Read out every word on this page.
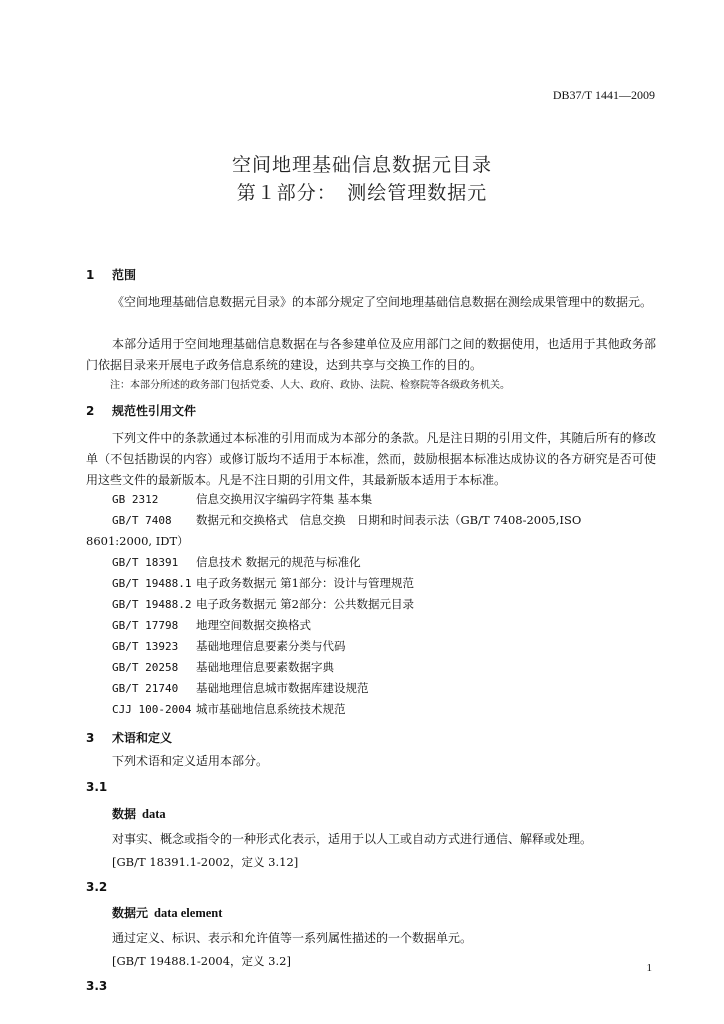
DB37/T 1441—2009
空间地理基础信息数据元目录
第１部分：　测绘管理数据元
1 范围
《空间地理基础信息数据元目录》的本部分规定了空间地理基础信息数据在测绘成果管理中的数据元。
本部分适用于空间地理基础信息数据在与各参建单位及应用部门之间的数据使用，也适用于其他政务部门依据目录来开展电子政务信息系统的建设，达到共享与交换工作的目的。
注：本部分所述的政务部门包括党委、人大、政府、政协、法院、检察院等各级政务机关。
2 规范性引用文件
下列文件中的条款通过本标准的引用而成为本部分的条款。凡是注日期的引用文件，其随后所有的修改单（不包括勘误的内容）或修订版均不适用于本标准，然而，鼓励根据本标准达成协议的各方研究是否可使用这些文件的最新版本。凡是不注日期的引用文件，其最新版本适用于本标准。
GB 2312	信息交换用汉字编码字符集 基本集
GB/T 7408 数据元和交换格式　信息交换　日期和时间表示法（GB/T 7408-2005,ISO
8601:2000, IDT）
GB/T 18391 信息技术 数据元的规范与标准化
GB/T 19488.1 电子政务数据元 第1部分：设计与管理规范
GB/T 19488.2 电子政务数据元 第2部分：公共数据元目录
GB/T 17798 地理空间数据交换格式
GB/T 13923 基础地理信息要素分类与代码
GB/T 20258 基础地理信息要素数据字典
GB/T 21740 基础地理信息城市数据库建设规范
CJJ 100-2004 城市基础地信息系统技术规范
3 术语和定义
下列术语和定义适用本部分。
3.1
数据 data
对事实、概念或指令的一种形式化表示，适用于以人工或自动方式进行通信、解释或处理。
[GB/T 18391.1-2002，定义 3.12]
3.2
数据元 data element
通过定义、标识、表示和允许值等一系列属性描述的一个数据单元。
[GB/T 19488.1-2004，定义 3.2]
3.3
1
